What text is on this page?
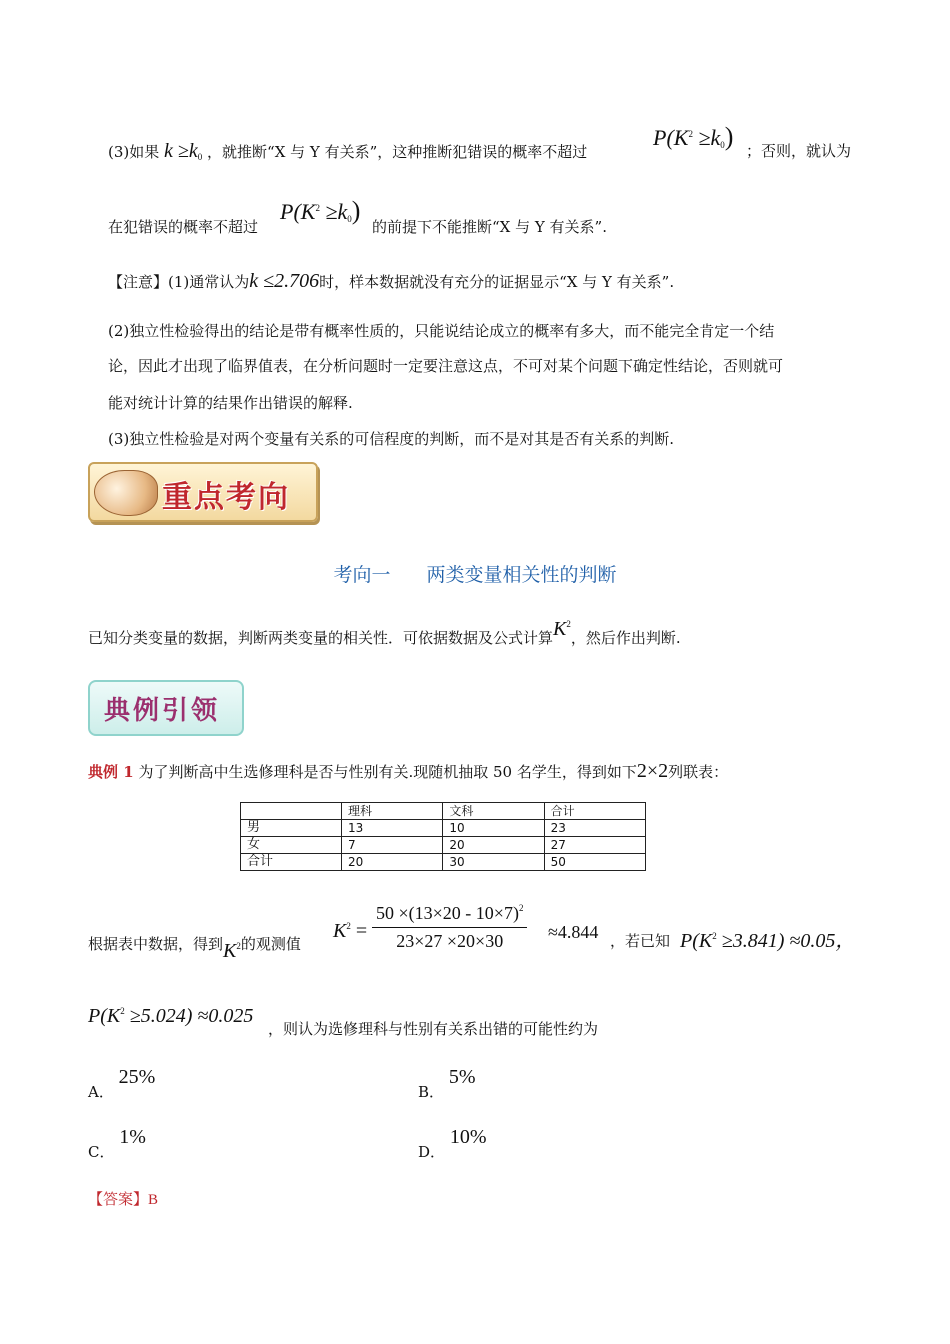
(3)如果 $k \ge k_0$ ，就推断“X 与 Y 有关系”，这种推断犯错误的概率不超过
$P(K^2 \ge k_0)$ ；否则，就认为
在犯错误的概率不超过
$P(K^2 \ge k_0)$
的前提下不能推断“X 与 Y 有关系”.
【注意】(1)通常认为k ≤2.706时，样本数据就没有充分的证据显示“X 与 Y 有关系”.
(2)独立性检验得出的结论是带有概率性质的，只能说结论成立的概率有多大，而不能完全肯定一个结
论，因此才出现了临界值表，在分析问题时一定要注意这点，不可对某个问题下确定性结论，否则就可
能对统计计算的结果作出错误的解释.
(3)独立性检验是对两个变量有关系的可信程度的判断，而不是对其是否有关系的判断.
重点考向
考向一 两类变量相关性的判断
已知分类变量的数据，判断两类变量的相关性．可依据数据及公式计算$K^2$，然后作出判断.
典例引领
典例 1 为了判断高中生选修理科是否与性别有关.现随机抽取 50 名学生，得到如下2×2列联表：
	理科	文科	合计
男	13	10	23
女	7	20	27
合计	20	30	50
根据表中数据，得到$K^2$的观测值
$K^2 = \frac{50 \times(13\times 20 - 10\times 7)^2}{23\times 27 \times 20\times 30} \approx 4.844$ ，若已知 $P(K^2 \ge 3.841) \approx 0.05$，
$P(K^2 \ge 5.024) \approx 0.025$
，则认为选修理科与性别有关系出错的可能性约为
A． 25%
B． 5%
C． 1%
D． 10%
【答案】B
